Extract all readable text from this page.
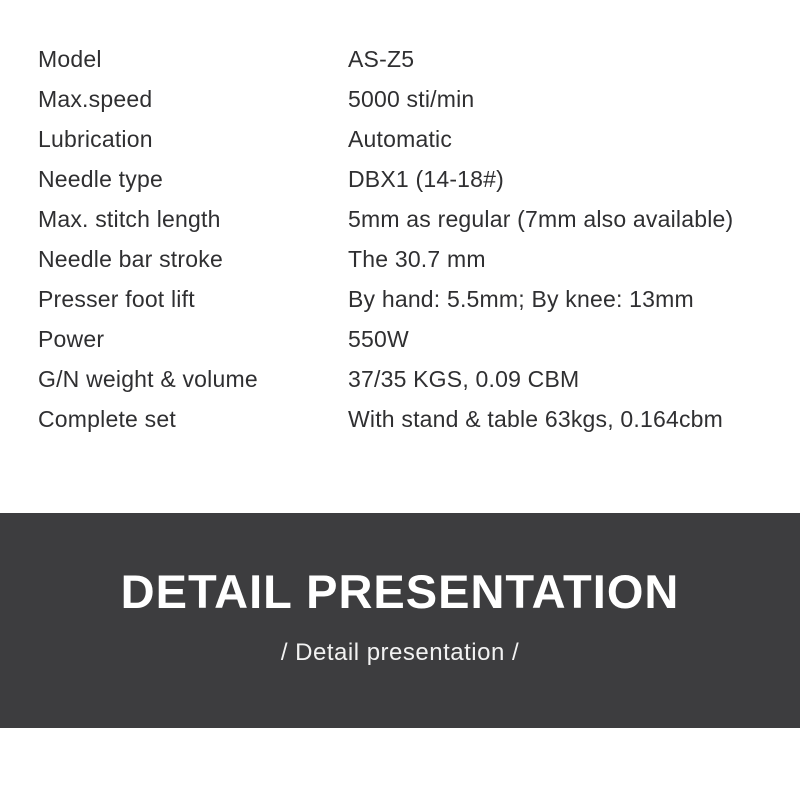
Model	AS-Z5
Max.speed	5000 sti/min
Lubrication	Automatic
Needle type	DBX1 (14-18#)
Max. stitch length	5mm as regular (7mm also available)
Needle bar stroke	The 30.7 mm
Presser foot lift	By hand: 5.5mm; By knee: 13mm
Power	550W
G/N weight & volume	37/35 KGS, 0.09 CBM
Complete set	With stand & table 63kgs, 0.164cbm
DETAIL PRESENTATION
/ Detail presentation /
